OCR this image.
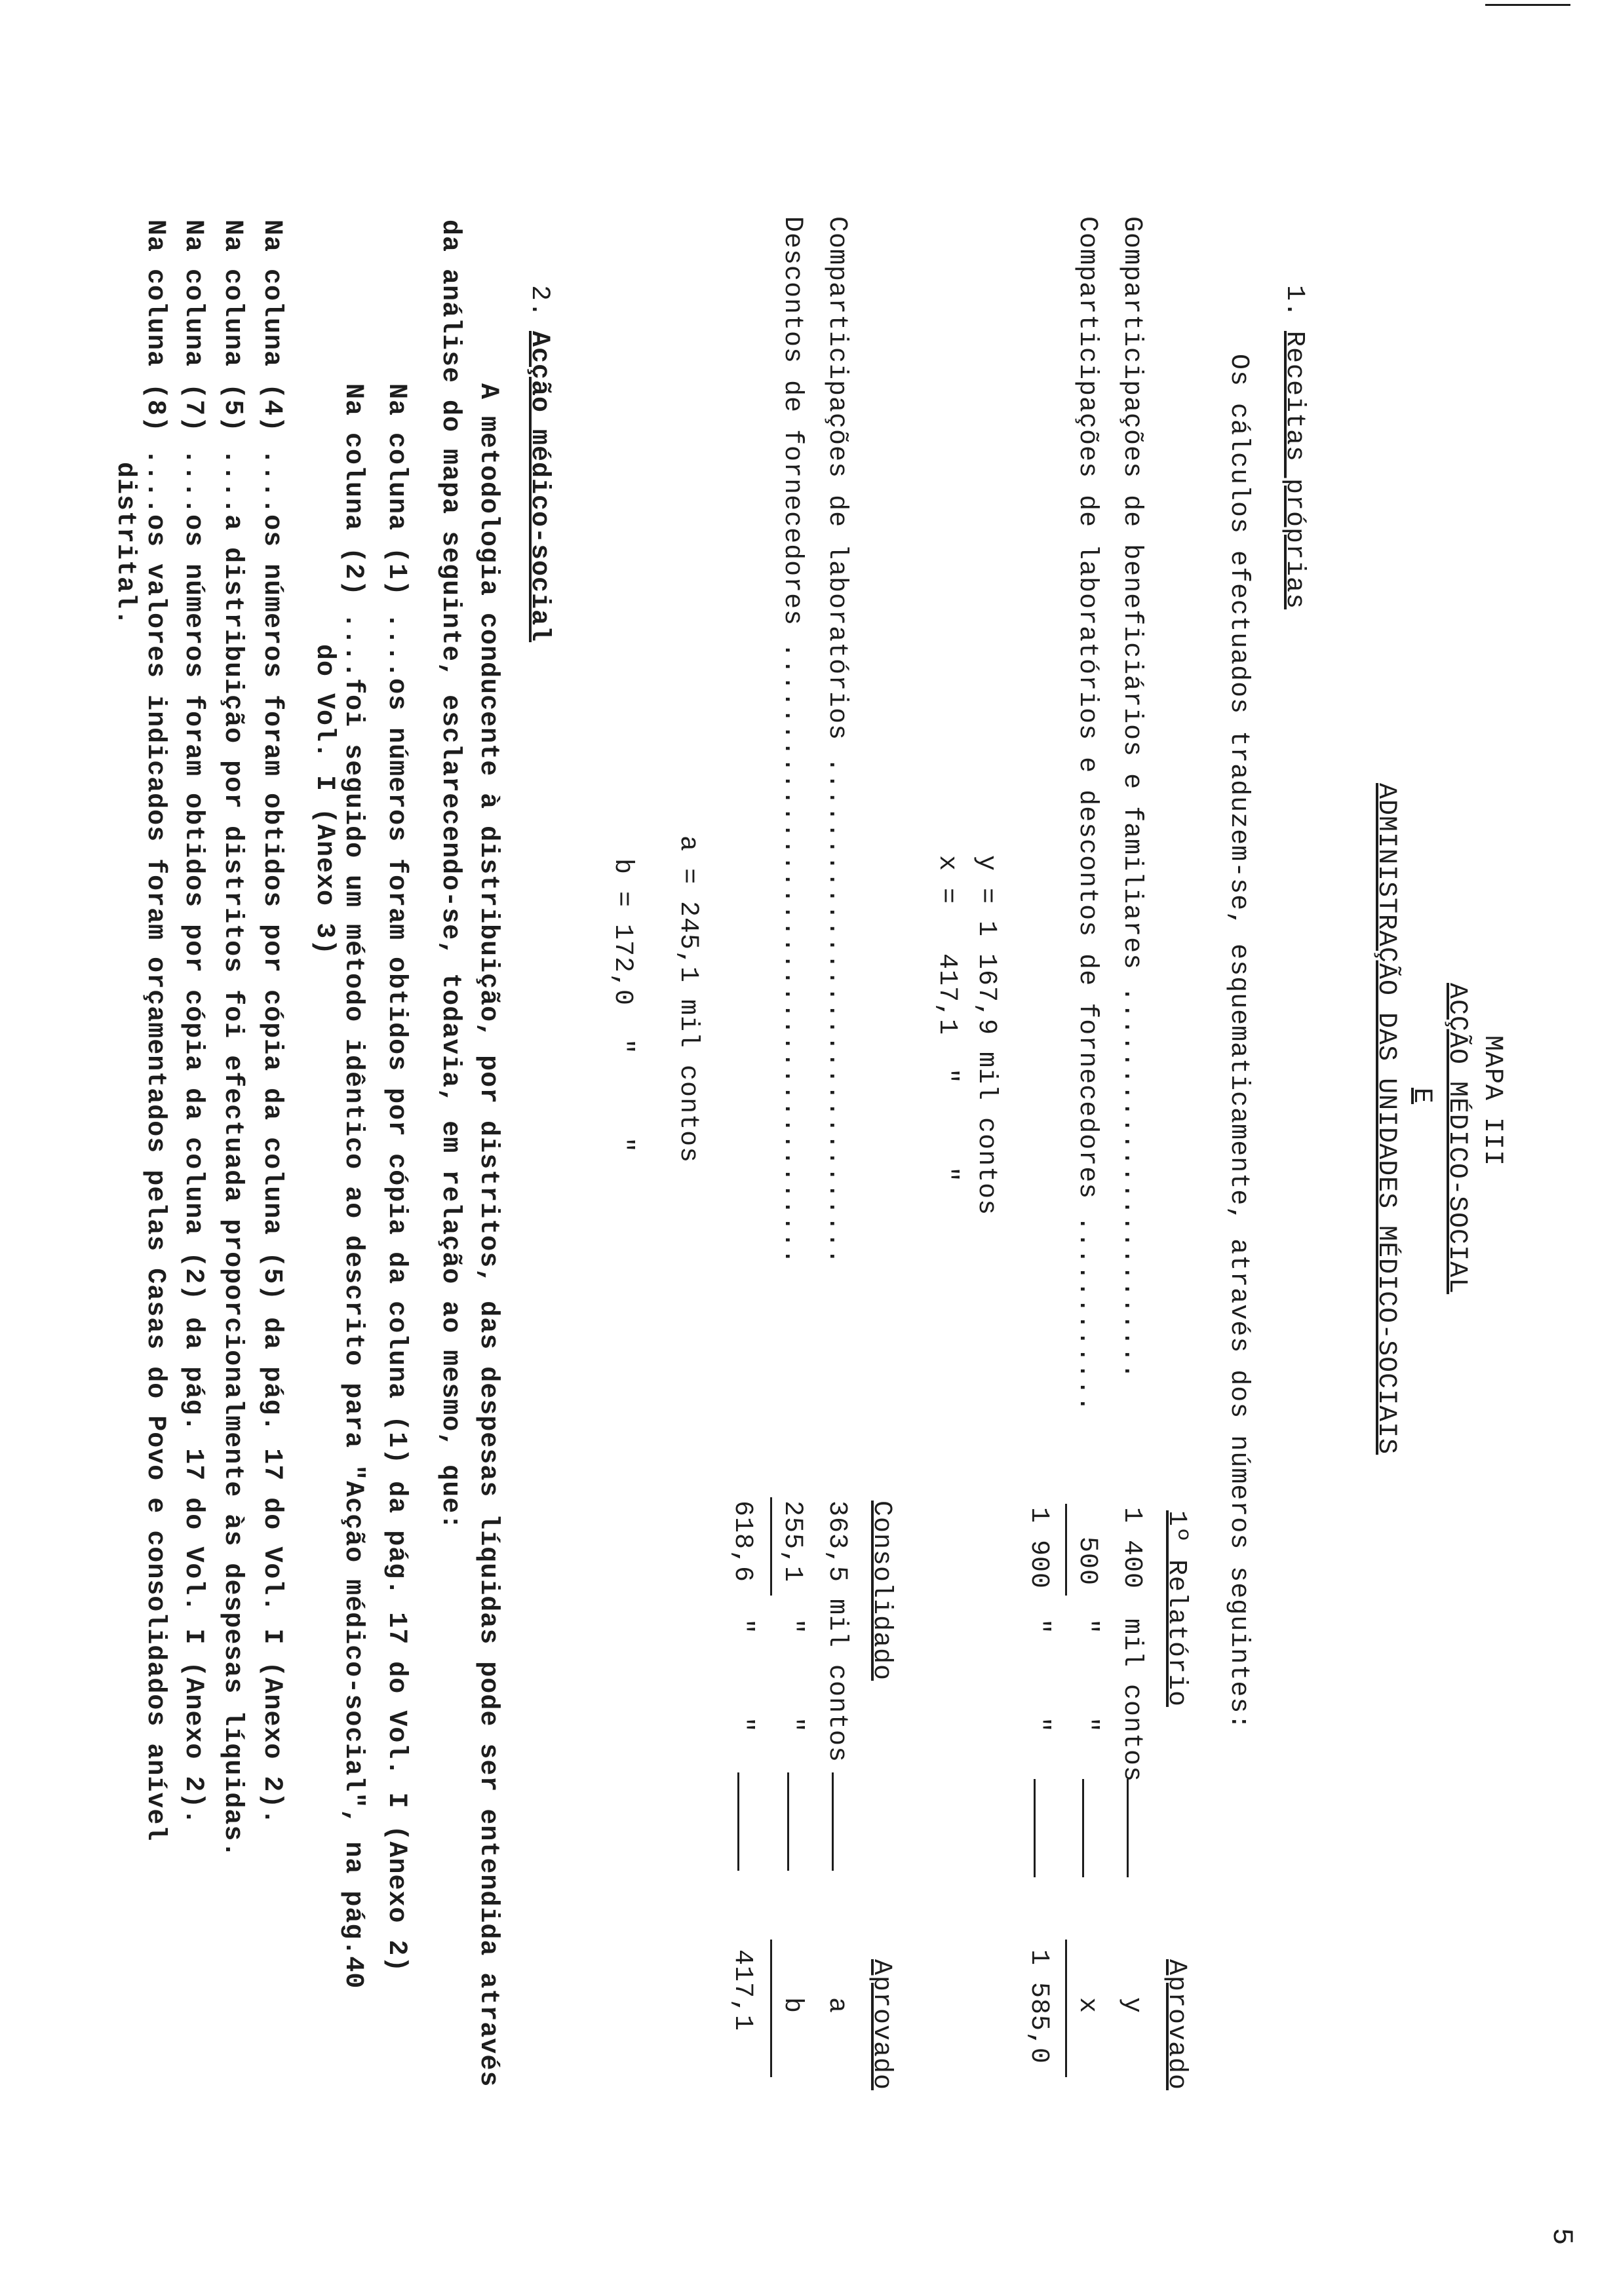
5
MAPA III
ACÇÃO MÉDICO-SOCIAL
E
ADMINISTRAÇÃO DAS UNIDADES MÉDICO-SOCIAIS
1.
Receitas próprias
Os cálculos efectuados traduzem-se, esquematicamente, através dos números seguintes:
1º Relatório
Aprovado
Gomparticipações de beneficiários e familiares ........................
1 400
mil contos
y
Comparticipações de laboratórios e descontos de fornecedores ............
500
"     "
x
1 900
"     "
1 585,0
y = 1 167,9 mil contos
x =   417,1  "     "
Consolidado
Aprovado
Comparticipações de laboratórios ...............................
363,5
mil contos
a
Descontos de fornecedores ......................................
255,1
"     "
b
618,6
"     "
417,1
a = 245,1 mil contos
b = 172,0  "     "
2.
Acção médico-social
A metodologia conducente à distribuição, por distritos, das despesas líquidas pode ser entendida através
da análise do mapa seguinte, esclarecendo-se, todavia, em relação ao mesmo, que:
Na coluna (1) ....os números foram obtidos por cópia da coluna (1) da pág. 17 do Vol. I (Anexo 2)
Na coluna (2) ....foi seguido um método idêntico ao descrito para "Acção médico-social", na pág.40
do Vol. I (Anexo 3)
Na coluna (4) ....os números foram obtidos por cópia da coluna (5) da pág. 17 do Vol. I (Anexo 2).
Na coluna (5) ....a distribuição por distritos foi efectuada proporcionalmente às despesas líquidas.
Na coluna (7) ....os números foram obtidos por cópia da coluna (2) da pág. 17 do Vol. I (Anexo 2).
Na coluna (8) ....os valores indicados foram orçamentados pelas Casas do Povo e consolidados anível
distrital.
